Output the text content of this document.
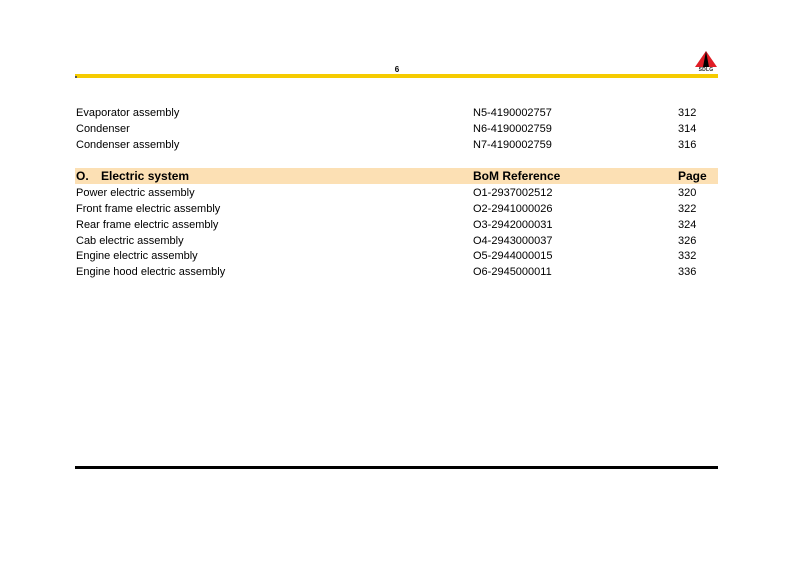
6	SDLG
Evaporator assembly	N5-4190002757	312
Condenser	N6-4190002759	314
Condenser assembly	N7-4190002759	316
O. Electric system	BoM Reference	Page
Power electric assembly	O1-2937002512	320
Front frame electric assembly	O2-2941000026	322
Rear frame electric assembly	O3-2942000031	324
Cab electric assembly	O4-2943000037	326
Engine electric assembly	O5-2944000015	332
Engine hood electric assembly	O6-2945000011	336
